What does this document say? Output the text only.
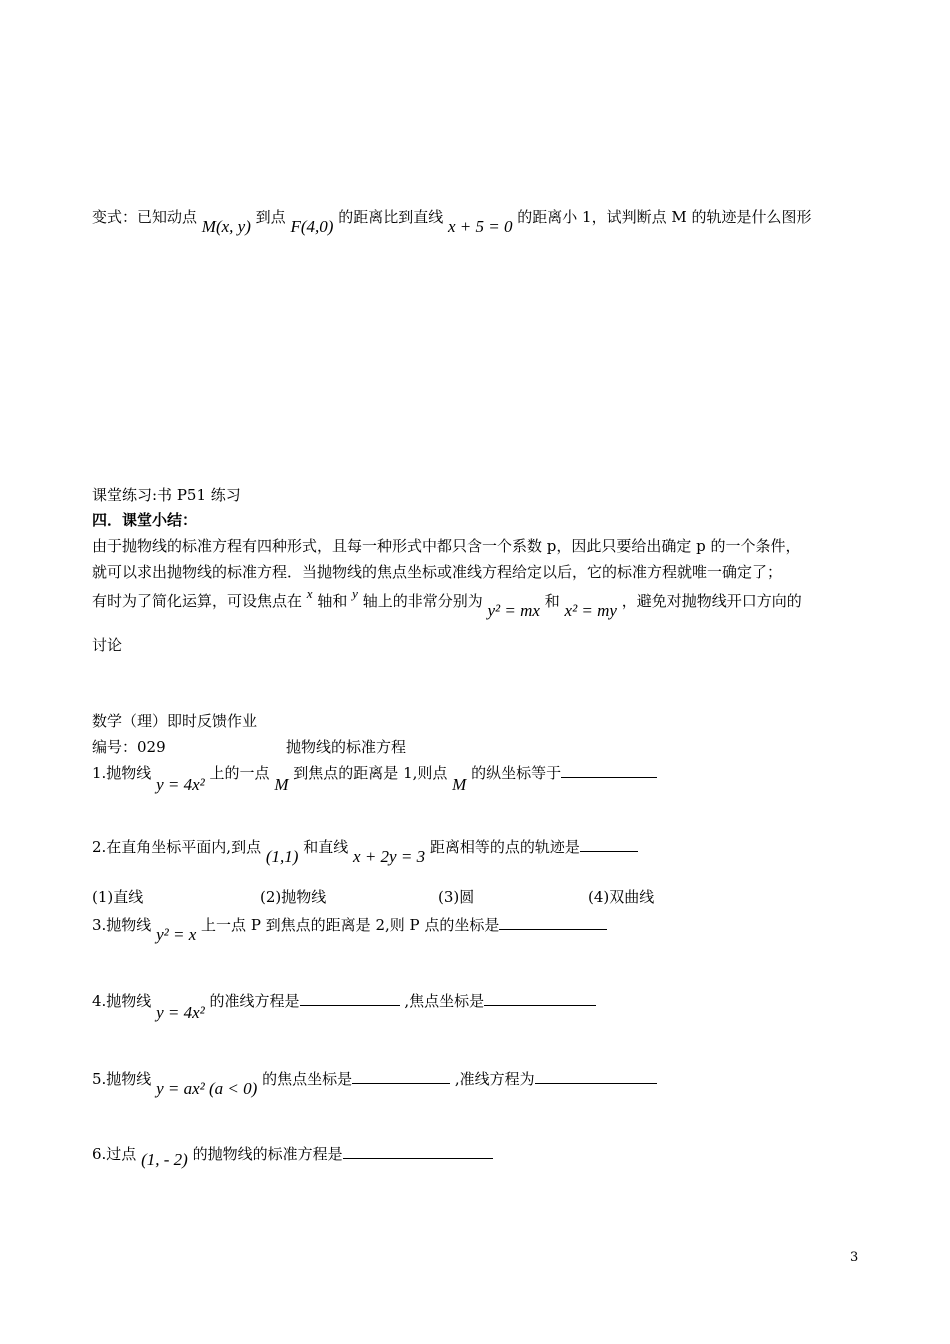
变式：已知动点 M(x, y) 到点 F(4,0) 的距离比到直线 x + 5 = 0 的距离小 1，试判断点 M 的轨迹是什么图形
课堂练习:书 P51 练习
四．课堂小结：
由于抛物线的标准方程有四种形式，且每一种形式中都只含一个系数 p，因此只要给出确定 p 的一个条件，
就可以求出抛物线的标准方程．当抛物线的焦点坐标或准线方程给定以后，它的标准方程就唯一确定了；
有时为了简化运算，可设焦点在 x 轴和 y 轴上的非常分别为 y² = mx 和 x² = my ，避免对抛物线开口方向的
讨论
数学（理）即时反馈作业
编号：029	抛物线的标准方程
1.抛物线 y = 4x² 上的一点 M 到焦点的距离是 1,则点 M 的纵坐标等于
2.在直角坐标平面内,到点 (1,1) 和直线 x + 2y = 3 距离相等的点的轨迹是
(1)直线	(2)抛物线	(3)圆	(4)双曲线
3.抛物线 y² = x 上一点 P 到焦点的距离是 2,则 P 点的坐标是
4.抛物线 y = 4x² 的准线方程是	,焦点坐标是
5.抛物线 y = ax² (a < 0) 的焦点坐标是	,准线方程为
6.过点 (1, - 2) 的抛物线的标准方程是
3
